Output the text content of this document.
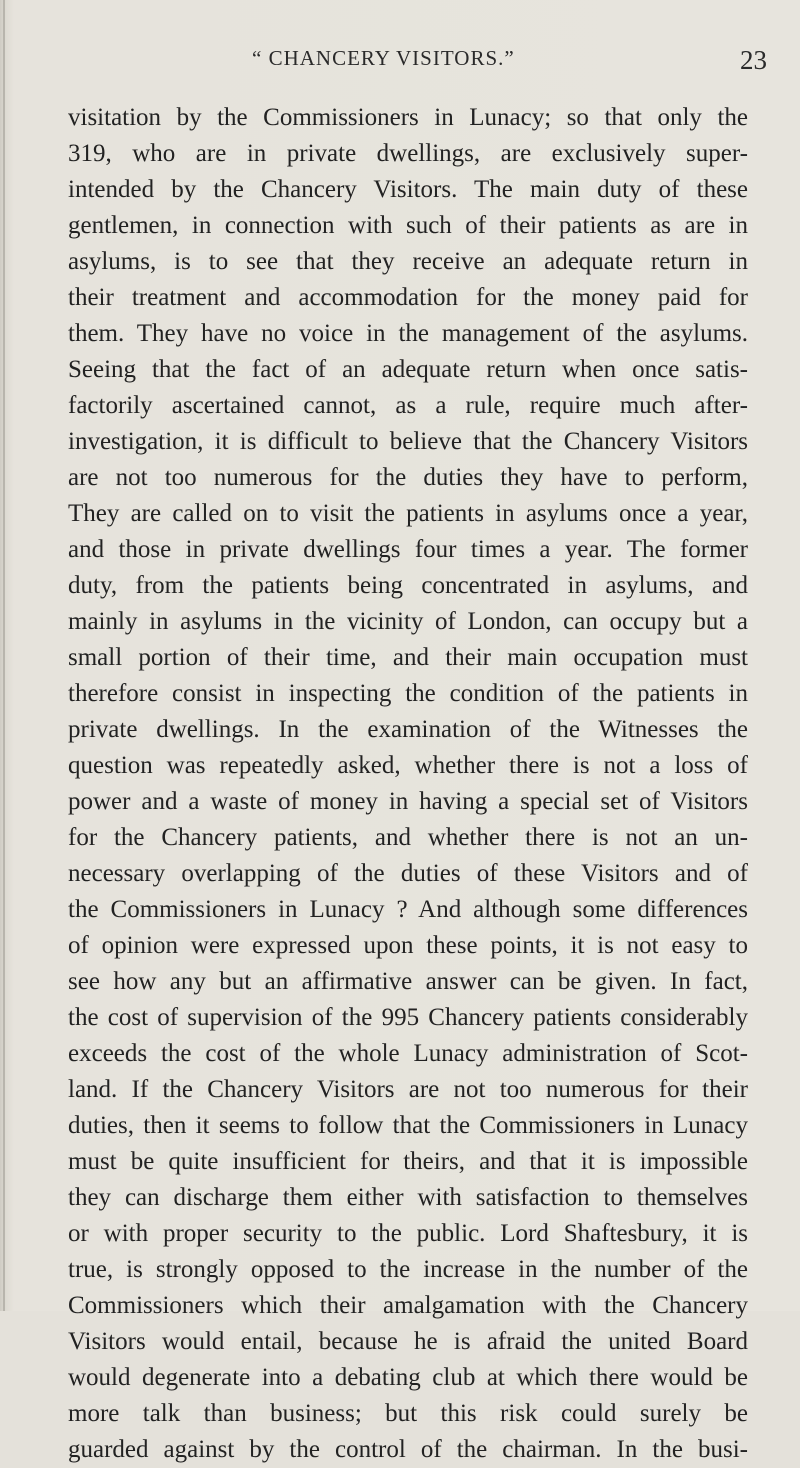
“ CHANCERY VISITORS.”	23
visitation by the Commissioners in Lunacy; so that only the
319, who are in private dwellings, are exclusively super-
intended by the Chancery Visitors. The main duty of these
gentlemen, in connection with such of their patients as are in
asylums, is to see that they receive an adequate return in
their treatment and accommodation for the money paid for
them. They have no voice in the management of the asylums.
Seeing that the fact of an adequate return when once satis-
factorily ascertained cannot, as a rule, require much after-
investigation, it is difficult to believe that the Chancery Visitors
are not too numerous for the duties they have to perform,
They are called on to visit the patients in asylums once a year,
and those in private dwellings four times a year. The former
duty, from the patients being concentrated in asylums, and
mainly in asylums in the vicinity of London, can occupy but a
small portion of their time, and their main occupation must
therefore consist in inspecting the condition of the patients in
private dwellings. In the examination of the Witnesses the
question was repeatedly asked, whether there is not a loss of
power and a waste of money in having a special set of Visitors
for the Chancery patients, and whether there is not an un-
necessary overlapping of the duties of these Visitors and of
the Commissioners in Lunacy ? And although some differences
of opinion were expressed upon these points, it is not easy to
see how any but an affirmative answer can be given. In fact,
the cost of supervision of the 995 Chancery patients considerably
exceeds the cost of the whole Lunacy administration of Scot-
land. If the Chancery Visitors are not too numerous for their
duties, then it seems to follow that the Commissioners in Lunacy
must be quite insufficient for theirs, and that it is impossible
they can discharge them either with satisfaction to themselves
or with proper security to the public. Lord Shaftesbury, it is
true, is strongly opposed to the increase in the number of the
Commissioners which their amalgamation with the Chancery
Visitors would entail, because he is afraid the united Board
would degenerate into a debating club at which there would be
more talk than business; but this risk could surely be
guarded against by the control of the chairman. In the busi-
